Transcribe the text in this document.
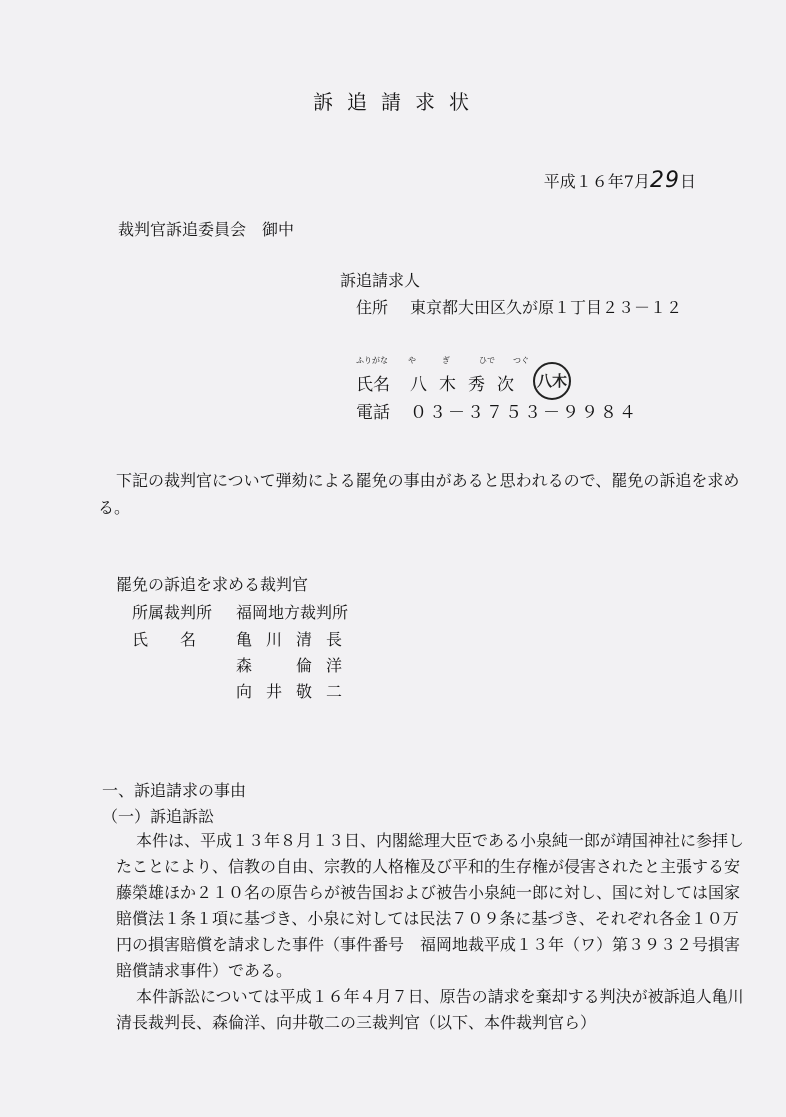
訴追請求状
平成１６年7月29日
裁判官訴追委員会　御中
訴追請求人
住所 東京都大田区久が原１丁目２３－１２
ふりがな	や	ぎ	ひで つぐ
氏名 八木秀次 八木
電話 ０３－３７５３－９９８４
下記の裁判官について弾劾による罷免の事由があると思われるので、罷免の訴追を求める。
罷免の訴追を求める裁判官
所属裁判所 福岡地方裁判所
氏名 亀川清長
森　倫洋
向井敬二
一、訴追請求の事由
（一）訴追訴訟
本件は、平成１３年８月１３日、内閣総理大臣である小泉純一郎が靖国神社に参拝したことにより、信教の自由、宗教的人格権及び平和的生存権が侵害されたと主張する安藤榮雄ほか２１０名の原告らが被告国および被告小泉純一郎に対し、国に対しては国家賠償法１条１項に基づき、小泉に対しては民法７０９条に基づき、それぞれ各金１０万円の損害賠償を請求した事件（事件番号　福岡地裁平成１３年（ワ）第３９３２号損害賠償請求事件）である。
本件訴訟については平成１６年４月７日、原告の請求を棄却する判決が被訴追人亀川清長裁判長、森倫洋、向井敬二の三裁判官（以下、本件裁判官ら）
